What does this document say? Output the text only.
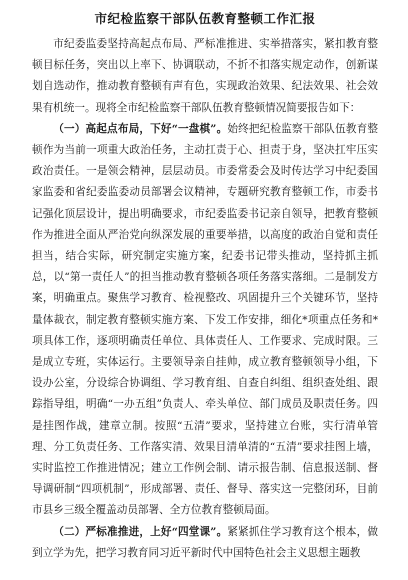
市纪检监察干部队伍教育整顿工作汇报

市纪委监委坚持高起点布局、严标准推进、实举措落实，紧扣教育整顿目标任务，突出以上率下、协调联动，不折不扣落实规定动作，创新谋划自选动作，推动教育整顿有声有色，实现政治效果、纪法效果、社会效果有机统一。现将全市纪检监察干部队伍教育整顿情况简要报告如下：

（一）高起点布局，下好“一盘棋”。始终把纪检监察干部队伍教育整顿作为当前一项重大政治任务，主动扛责于心、担责于身，坚决扛牢压实政治责任。一是领会精神，层层动员。市委常委会及时传达学习中纪委国家监委和省纪委监委动员部署会议精神，专题研究教育整顿工作，市委书记强化顶层设计，提出明确要求，市纪委监委书记亲自领导，把教育整顿作为推进全面从严治党向纵深发展的重要举措，以高度的政治自觉和责任担当，结合实际，研究制定实施方案，纪委书记带头推动，坚持抓主抓总，以“第一责任人”的担当推动教育整顿各项任务落实落细。二是制发方案，明确重点。聚焦学习教育、检视整改、巩固提升三个关键环节，坚持量体裁衣，制定教育整顿实施方案、下发工作安排，细化*项重点任务和*项具体工作，逐项明确责任单位、具体责任人、工作要求、完成时限。三是成立专班，实体运行。主要领导亲自挂帅，成立教育整顿领导小组，下设办公室，分设综合协调组、学习教育组、自查自纠组、组织查处组、跟踪指导组，明确“一办五组”负责人、牵头单位、部门成员及职责任务。四是挂图作战，建章立制。按照“五清”要求，坚持建立台账，实行清单管理、分工负责任务、工作落实清、效果目清单清的“五清”要求挂图上墙，实时监控工作推进情况；建立工作例会制、请示报告制、信息报送制、督导调研制“四项机制”，形成部署、责任、督导、落实这一完整闭环，目前市县乡三级全覆盖动员部署、全方位教育整顿局面。

（二）严标准推进，上好“四堂课”。紧紧抓住学习教育这个根本，做到立学为先，把学习教育同习近平新时代中国特色社会主义思想主题教
